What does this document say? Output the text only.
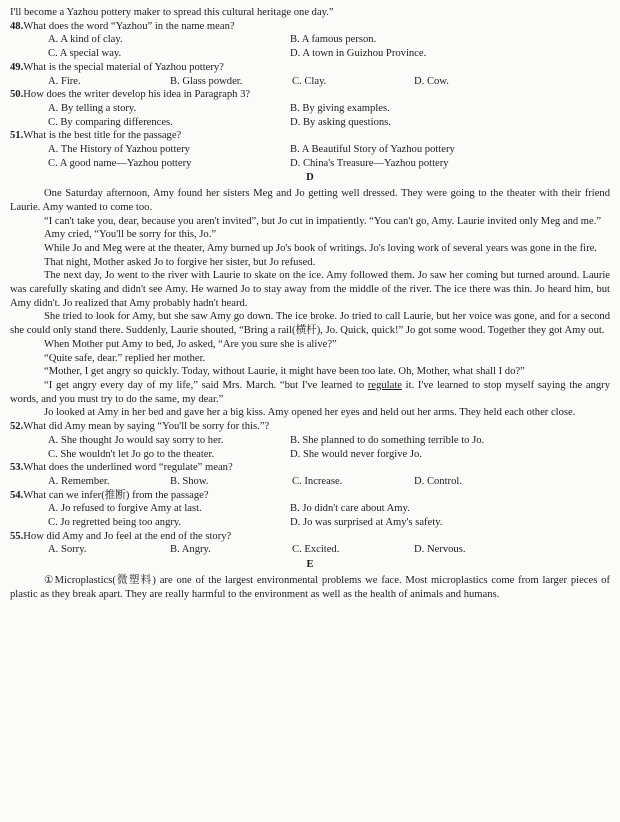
I'll become a Yazhou pottery maker to spread this cultural heritage one day.”
48.What does the word “Yazhou” in the name mean?
A. A kind of clay.	B. A famous person.
C. A special way.	D. A town in Guizhou Province.
49.What is the special material of Yazhou pottery?
A. Fire.	B. Glass powder.	C. Clay.	D. Cow.
50.How does the writer develop his idea in Paragraph 3?
A. By telling a story.	B. By giving examples.
C. By comparing differences.	D. By asking questions.
51.What is the best title for the passage?
A. The History of Yazhou pottery	B. A Beautiful Story of Yazhou pottery
C. A good name—Yazhou pottery	D. China's Treasure—Yazhou pottery
D
One Saturday afternoon, Amy found her sisters Meg and Jo getting well dressed. They were going to the theater with their friend Laurie. Amy wanted to come too.
“I can't take you, dear, because you aren't invited”, but Jo cut in impatiently. “You can't go, Amy. Laurie invited only Meg and me.”
Amy cried, “You'll be sorry for this, Jo.”
While Jo and Meg were at the theater, Amy burned up Jo's book of writings. Jo's loving work of several years was gone in the fire.
That night, Mother asked Jo to forgive her sister, but Jo refused.
The next day, Jo went to the river with Laurie to skate on the ice. Amy followed them. Jo saw her coming but turned around. Laurie was carefully skating and didn't see Amy. He warned Jo to stay away from the middle of the river. The ice there was thin. Jo heard him, but Amy didn't. Jo realized that Amy probably hadn't heard.
She tried to look for Amy, but she saw Amy go down. The ice broke. Jo tried to call Laurie, but her voice was gone, and for a second she could only stand there. Suddenly, Laurie shouted, “Bring a rail(横杆), Jo. Quick, quick!” Jo got some wood. Together they got Amy out.
When Mother put Amy to bed, Jo asked, “Are you sure she is alive?”
“Quite safe, dear.” replied her mother.
“Mother, I get angry so quickly. Today, without Laurie, it might have been too late. Oh, Mother, what shall I do?”
“I get angry every day of my life,” said Mrs. March. “but I've learned to regulate it. I've learned to stop myself saying the angry words, and you must try to do the same, my dear.”
Jo looked at Amy in her bed and gave her a big kiss. Amy opened her eyes and held out her arms. They held each other close.
52.What did Amy mean by saying “You'll be sorry for this.”?
A. She thought Jo would say sorry to her.	B. She planned to do something terrible to Jo.
C. She wouldn't let Jo go to the theater.	D. She would never forgive Jo.
53.What does the underlined word “regulate” mean?
A. Remember.	B. Show.	C. Increase.	D. Control.
54.What can we infer(推断) from the passage?
A. Jo refused to forgive Amy at last.	B. Jo didn't care about Amy.
C. Jo regretted being too angry.	D. Jo was surprised at Amy's safety.
55.How did Amy and Jo feel at the end of the story?
A. Sorry.	B. Angry.	C. Excited.	D. Nervous.
E
①Microplastics(微塑料) are one of the largest environmental problems we face. Most microplastics come from larger pieces of plastic as they break apart. They are really harmful to the environment as well as the health of animals and humans.
